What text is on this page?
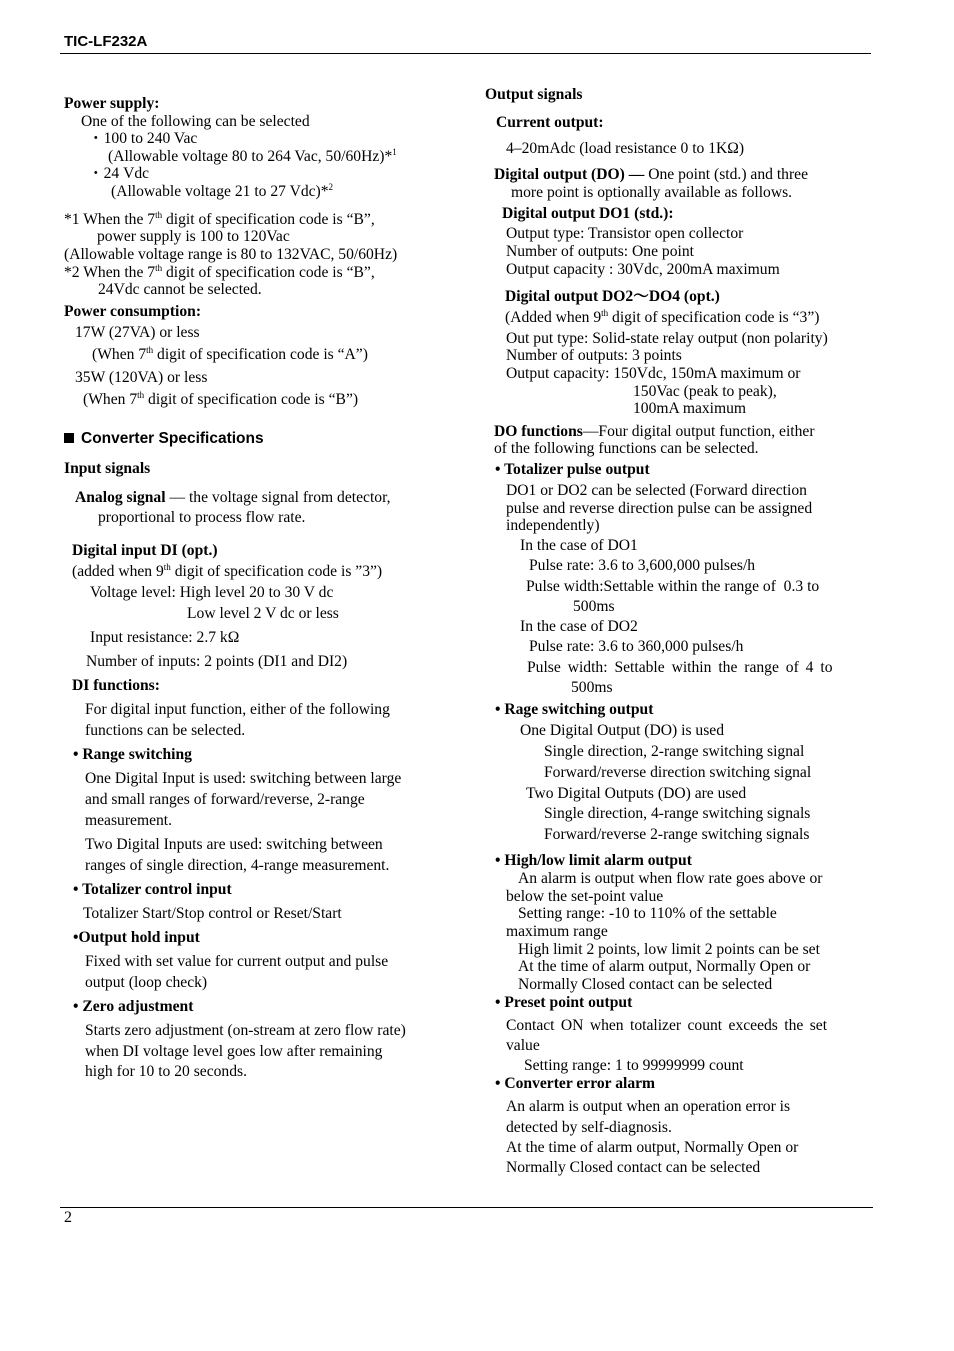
TIC-LF232A
Power supply:
One of the following can be selected
・100 to 240 Vac
(Allowable voltage 80 to 264 Vac, 50/60Hz)*$^1$
・24 Vdc
(Allowable voltage 21 to 27 Vdc)*$^2$
*1 When the 7th digit of specification code is “B”,
power supply is 100 to 120Vac
(Allowable voltage range is 80 to 132VAC, 50/60Hz)
*2 When the 7th digit of specification code is “B”,
24Vdc cannot be selected.
Power consumption:
17W (27VA) or less
(When 7th digit of specification code is “A”)
35W (120VA) or less
(When 7th digit of specification code is “B”)
Converter Specifications
Input signals
Analog signal — the voltage signal from detector,
proportional to process flow rate.
Digital input DI (opt.)
(added when 9th digit of specification code is ”3”)
Voltage level: High level 20 to 30 V dc
Low level 2 V dc or less
Input resistance: 2.7 kΩ
Number of inputs: 2 points (DI1 and DI2)
DI functions:
For digital input function, either of the following
functions can be selected.
• Range switching
One Digital Input is used: switching between large
and small ranges of forward/reverse, 2-range
measurement.
Two Digital Inputs are used: switching between
ranges of single direction, 4-range measurement.
• Totalizer control input
Totalizer Start/Stop control or Reset/Start
•Output hold input
Fixed with set value for current output and pulse
output (loop check)
• Zero adjustment
Starts zero adjustment (on-stream at zero flow rate)
when DI voltage level goes low after remaining
high for 10 to 20 seconds.
Output signals
Current output:
4–20mAdc (load resistance 0 to 1KΩ)
Digital output (DO) — One point (std.) and three
more point is optionally available as follows.
Digital output DO1 (std.):
Output type: Transistor open collector
Number of outputs: One point
Output capacity : 30Vdc, 200mA maximum
Digital output DO2～DO4 (opt.)
(Added when 9th digit of specification code is “3”)
Out put type: Solid-state relay output (non polarity)
Number of outputs: 3 points
Output capacity: 150Vdc, 150mA maximum or
150Vac (peak to peak),
100mA maximum
DO functions—Four digital output function, either
of the following functions can be selected.
• Totalizer pulse output
DO1 or DO2 can be selected (Forward direction
pulse and reverse direction pulse can be assigned
independently)
In the case of DO1
Pulse rate: 3.6 to 3,600,000 pulses/h
Pulse width:Settable within the range of  0.3 to
500ms
In the case of DO2
Pulse rate: 3.6 to 360,000 pulses/h
Pulse width: Settable within the range of 4 to
500ms
• Rage switching output
One Digital Output (DO) is used
Single direction, 2-range switching signal
Forward/reverse direction switching signal
Two Digital Outputs (DO) are used
Single direction, 4-range switching signals
Forward/reverse 2-range switching signals
• High/low limit alarm output
An alarm is output when flow rate goes above or
below the set-point value
Setting range: -10 to 110% of the settable
maximum range
High limit 2 points, low limit 2 points can be set
At the time of alarm output, Normally Open or
Normally Closed contact can be selected
• Preset point output
Contact ON when totalizer count exceeds the set
value
Setting range: 1 to 99999999 count
• Converter error alarm
An alarm is output when an operation error is
detected by self-diagnosis.
At the time of alarm output, Normally Open or
Normally Closed contact can be selected
2
